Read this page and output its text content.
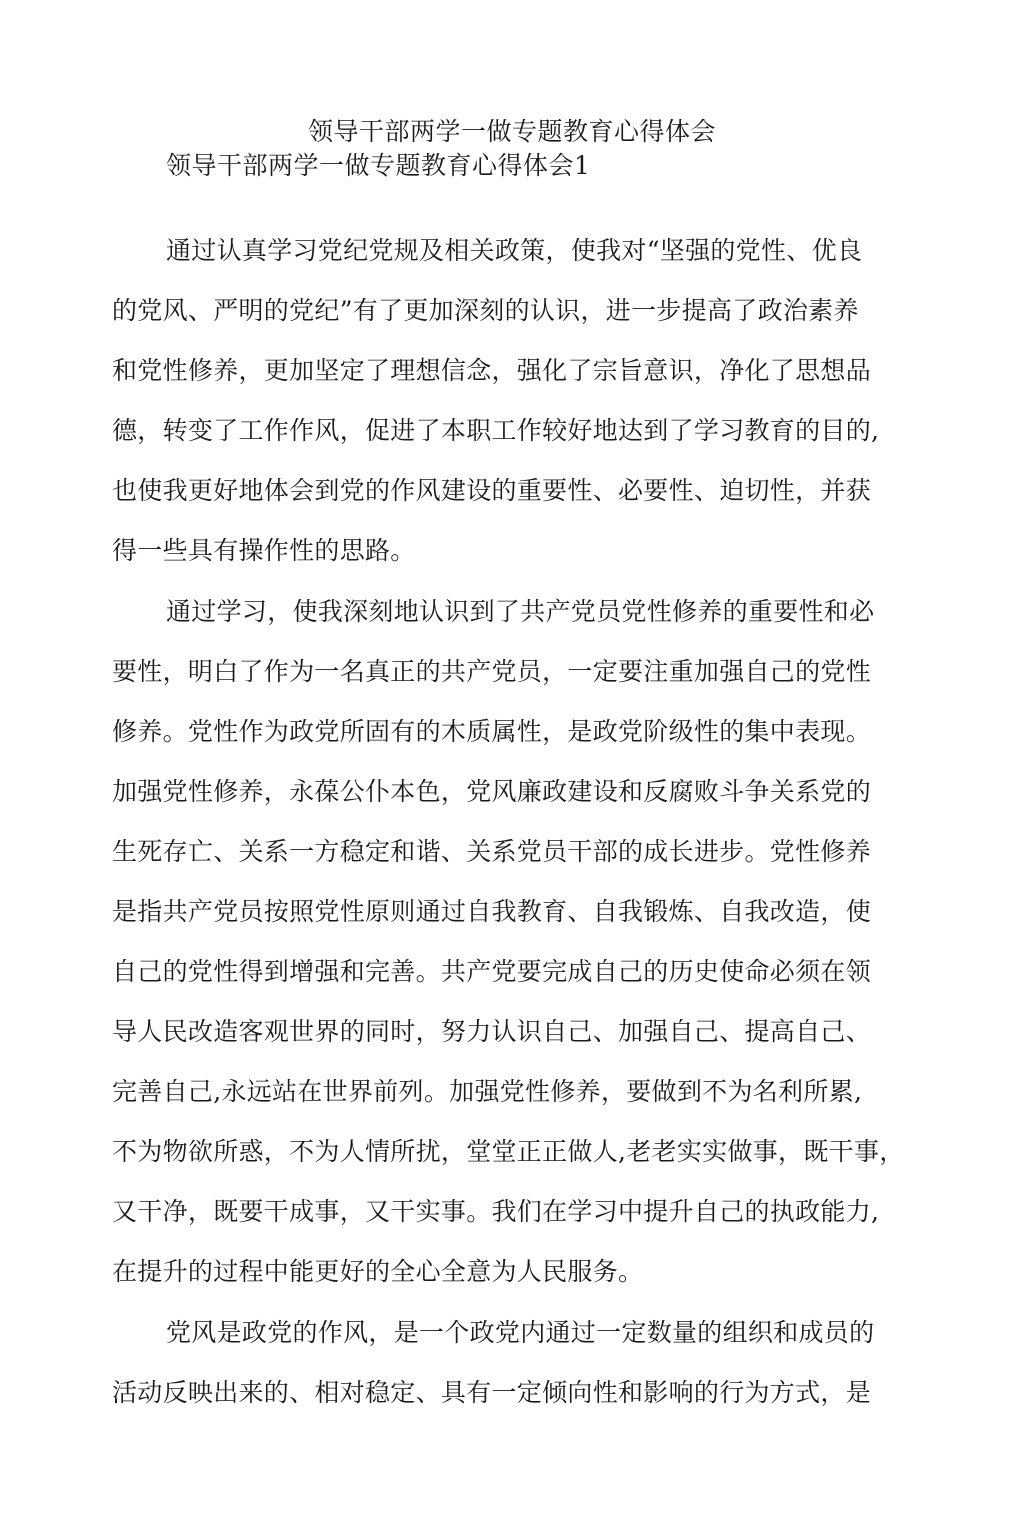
领导干部两学一做专题教育心得体会
领导干部两学一做专题教育心得体会1
通过认真学习党纪党规及相关政策，使我对“坚强的党性、优良
的党风、严明的党纪”有了更加深刻的认识，进一步提高了政治素养
和党性修养，更加坚定了理想信念，强化了宗旨意识，净化了思想品
德，转变了工作作风，促进了本职工作较好地达到了学习教育的目的,
也使我更好地体会到党的作风建设的重要性、必要性、迫切性，并获
得一些具有操作性的思路。
通过学习，使我深刻地认识到了共产党员党性修养的重要性和必
要性，明白了作为一名真正的共产党员，一定要注重加强自己的党性
修养。党性作为政党所固有的木质属性，是政党阶级性的集中表现。
加强党性修养，永葆公仆本色，党风廉政建设和反腐败斗争关系党的
生死存亡、关系一方稳定和谐、关系党员干部的成长进步。党性修养
是指共产党员按照党性原则通过自我教育、自我锻炼、自我改造，使
自己的党性得到增强和完善。共产党要完成自己的历史使命必须在领
导人民改造客观世界的同时，努力认识自己、加强自己、提高自己、
完善自己,永远站在世界前列。加强党性修养，要做到不为名利所累,
不为物欲所惑，不为人情所扰，堂堂正正做人,老老实实做事，既干事，
又干净，既要干成事，又干实事。我们在学习中提升自己的执政能力,
在提升的过程中能更好的全心全意为人民服务。
党风是政党的作风，是一个政党内通过一定数量的组织和成员的
活动反映出来的、相对稳定、具有一定倾向性和影响的行为方式，是
